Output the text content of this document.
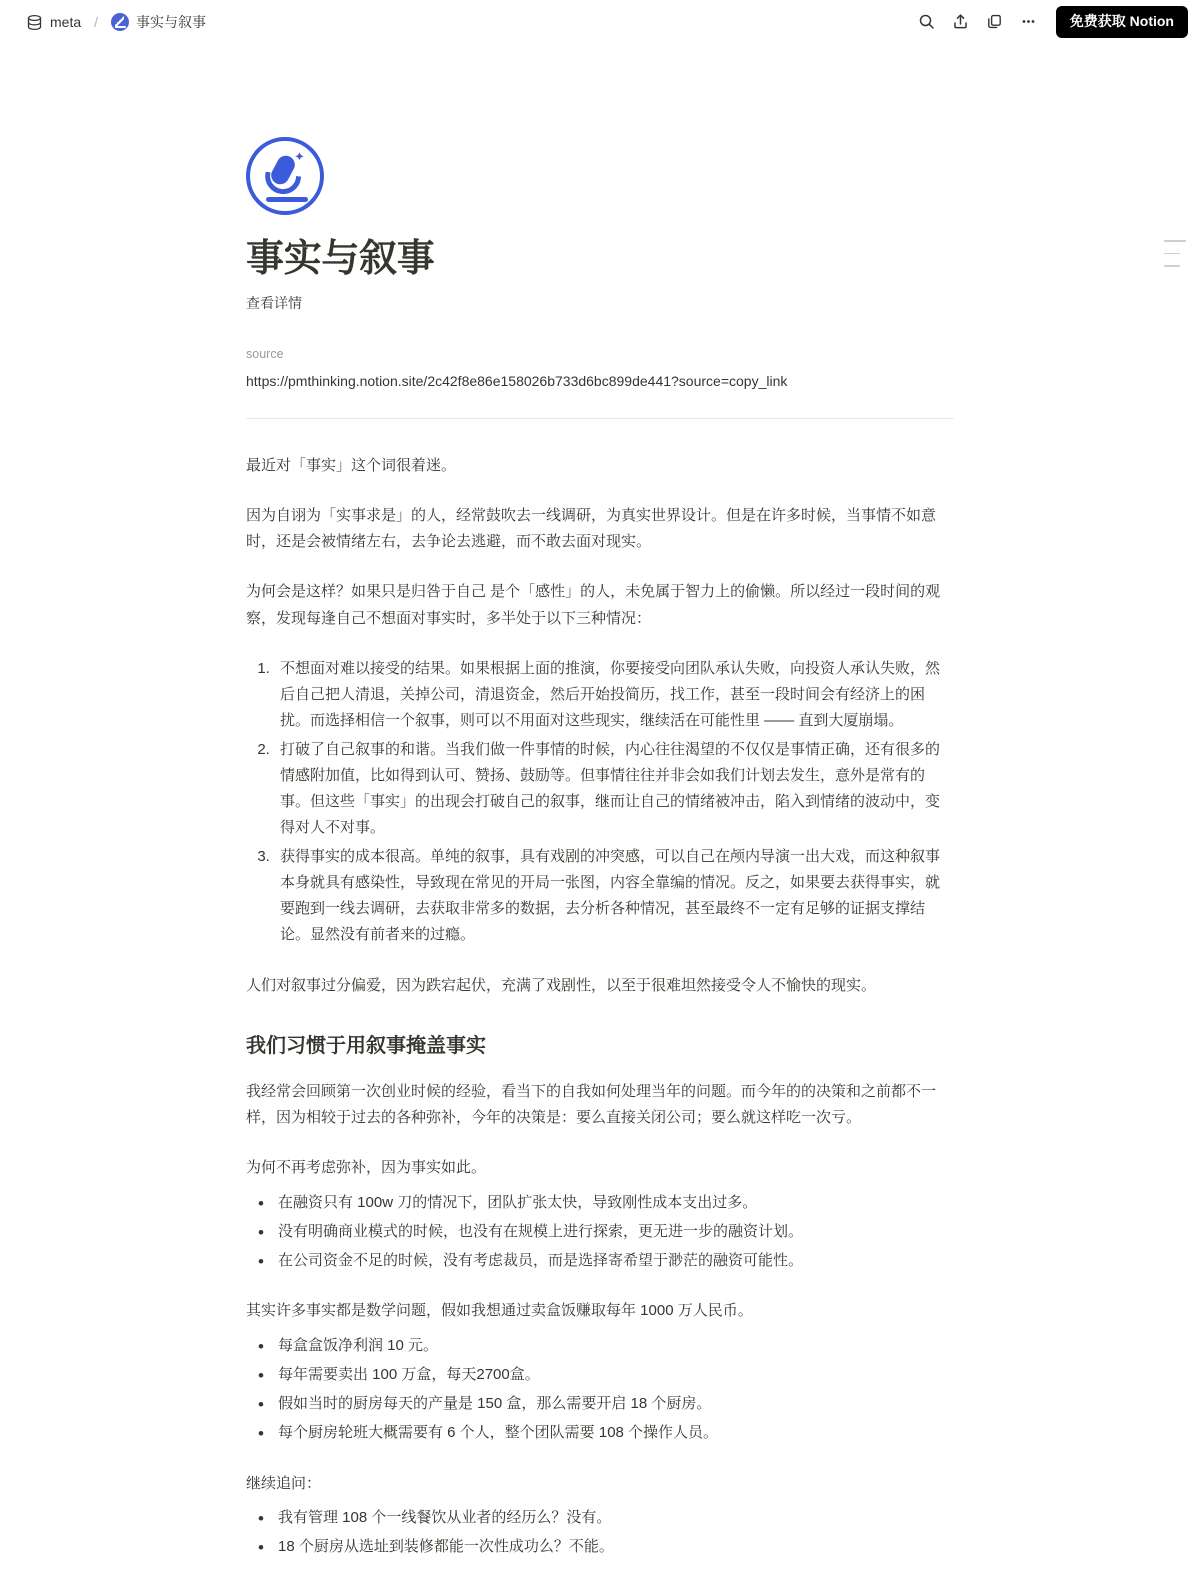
meta /	事实与叙事	免费获取 Notion
✦
事实与叙事
查看详情
source
https://pmthinking.notion.site/2c42f8e86e158026b733d6bc899de441?source=copy_link

最近对「事实」这个词很着迷。

因为自诩为「实事求是」的人，经常鼓吹去一线调研，为真实世界设计。但是在许多时候，当事情不如意时，还是会被情绪左右，去争论去逃避，而不敢去面对现实。

为何会是这样？如果只是归咎于自己 是个「感性」的人，未免属于智力上的偷懒。所以经过一段时间的观察，发现每逢自己不想面对事实时，多半处于以下三种情况：

1. 不想面对难以接受的结果。如果根据上面的推演，你要接受向团队承认失败，向投资人承认失败，然后自己把人清退，关掉公司，清退资金，然后开始投简历，找工作，甚至一段时间会有经济上的困扰。而选择相信一个叙事，则可以不用面对这些现实，继续活在可能性里 —— 直到大厦崩塌。
2. 打破了自己叙事的和谐。当我们做一件事情的时候，内心往往渴望的不仅仅是事情正确，还有很多的情感附加值，比如得到认可、赞扬、鼓励等。但事情往往并非会如我们计划去发生，意外是常有的事。但这些「事实」的出现会打破自己的叙事，继而让自己的情绪被冲击，陷入到情绪的波动中，变得对人不对事。
3. 获得事实的成本很高。单纯的叙事，具有戏剧的冲突感，可以自己在颅内导演一出大戏，而这种叙事本身就具有感染性，导致现在常见的开局一张图，内容全靠编的情况。反之，如果要去获得事实，就要跑到一线去调研，去获取非常多的数据，去分析各种情况，甚至最终不一定有足够的证据支撑结论。显然没有前者来的过瘾。

人们对叙事过分偏爱，因为跌宕起伏，充满了戏剧性，以至于很难坦然接受令人不愉快的现实。

我们习惯于用叙事掩盖事实

我经常会回顾第一次创业时候的经验，看当下的自我如何处理当年的问题。而今年的的决策和之前都不一样，因为相较于过去的各种弥补，今年的决策是：要么直接关闭公司；要么就这样吃一次亏。

为何不再考虑弥补，因为事实如此。

• 在融资只有 100w 刀的情况下，团队扩张太快，导致刚性成本支出过多。
• 没有明确商业模式的时候，也没有在规模上进行探索，更无进一步的融资计划。
• 在公司资金不足的时候，没有考虑裁员，而是选择寄希望于渺茫的融资可能性。

其实许多事实都是数学问题，假如我想通过卖盒饭赚取每年 1000 万人民币。

• 每盒盒饭净利润 10 元。
• 每年需要卖出 100 万盒，每天2700盒。
• 假如当时的厨房每天的产量是 150 盒，那么需要开启 18 个厨房。
• 每个厨房轮班大概需要有 6 个人，整个团队需要 108 个操作人员。

继续追问：

• 我有管理 108 个一线餐饮从业者的经历么？没有。
• 18 个厨房从选址到装修都能一次性成功么？不能。
